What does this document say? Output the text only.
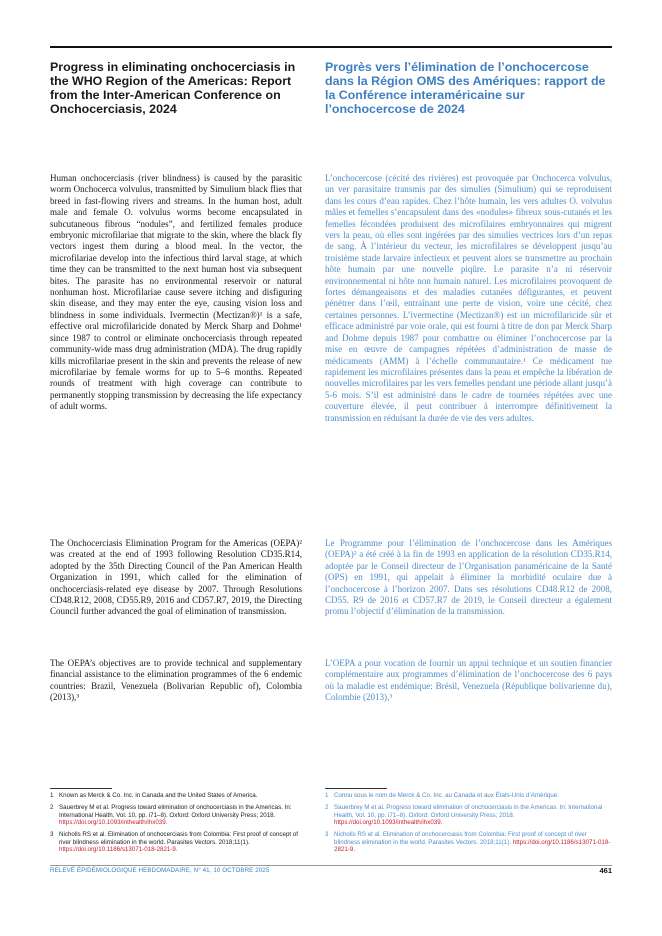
Progress in eliminating onchocerciasis in the WHO Region of the Americas: Report from the Inter-American Conference on Onchocerciasis, 2024

Human onchocerciasis (river blindness) is caused by the parasitic worm Onchocerca volvulus, transmitted by Simulium black flies that breed in fast-flowing rivers and streams. In the human host, adult male and female O. volvulus worms become encapsulated in subcutaneous fibrous “nodules”, and fertilized females produce embryonic microfilariae that migrate to the skin, where the black fly vectors ingest them during a blood meal. In the vector, the microfilariae develop into the infectious third larval stage, at which time they can be transmitted to the next human host via subsequent bites. The parasite has no environmental reservoir or natural nonhuman host. Microfilariae cause severe itching and disfiguring skin disease, and they may enter the eye, causing vision loss and blindness in some individuals. Ivermectin (Mectizan®)¹ is a safe, effective oral microfilaricide donated by Merck Sharp and Dohme¹ since 1987 to control or eliminate onchocerciasis through repeated community-wide mass drug administration (MDA). The drug rapidly kills microfilariae present in the skin and prevents the release of new microfilariae by female worms for up to 5–6 months. Repeated rounds of treatment with high coverage can contribute to permanently stopping transmission by decreasing the life expectancy of adult worms.

The Onchocerciasis Elimination Program for the Americas (OEPA)² was created at the end of 1993 following Resolution CD35.R14, adopted by the 35th Directing Council of the Pan American Health Organization in 1991, which called for the elimination of onchocerciasis-related eye disease by 2007. Through Resolutions CD48.R12, 2008, CD55.R9, 2016 and CD57.R7, 2019, the Directing Council further advanced the goal of elimination of transmission.

The OEPA’s objectives are to provide technical and supplementary financial assistance to the elimination programmes of the 6 endemic countries: Brazil, Venezuela (Bolivarian Republic of), Colombia (2013),³

Progrès vers l’élimination de l’onchocercose dans la Région OMS des Amériques: rapport de la Conférence interaméricaine sur l’onchocercose de 2024

L’onchocercose (cécité des rivières) est provoquée par Onchocerca volvulus, un ver parasitaire transmis par des simulies (Simulium) qui se reproduisent dans les cours d’eau rapides. Chez l’hôte humain, les vers adultes O. volvulus mâles et femelles s’encapsulent dans des «nodules» fibreux sous-cutanés et les femelles fécondées produisent des microfilaires embryonnaires qui migrent vers la peau, où elles sont ingérées par des simulies vectrices lors d’un repas de sang. À l’intérieur du vecteur, les microfilaires se développent jusqu’au troisième stade larvaire infectieux et peuvent alors se transmettre au prochain hôte humain par une nouvelle piqûre. Le parasite n’a ni réservoir environnemental ni hôte non humain naturel. Les microfilaires provoquent de fortes démangeaisons et des maladies cutanées défigurantes, et peuvent pénétrer dans l’œil, entraînant une perte de vision, voire une cécité, chez certaines personnes. L’ivermectine (Mectizan®) est un microfilaricide sûr et efficace administré par voie orale, qui est fourni à titre de don par Merck Sharp and Dohme depuis 1987 pour combattre ou éliminer l’onchocercose par la mise en œuvre de campagnes répétées d’administration de masse de médicaments (AMM) à l’échelle communautaire.¹ Ce médicament tue rapidement les microfilaires présentes dans la peau et empêche la libération de nouvelles microfilaires par les vers femelles pendant une période allant jusqu’à 5-6 mois. S’il est administré dans le cadre de tournées répétées avec une couverture élevée, il peut contribuer à interrompre définitivement la transmission en réduisant la durée de vie des vers adultes.

Le Programme pour l’élimination de l’onchocercose dans les Amériques (OEPA)² a été créé à la fin de 1993 en application de la résolution CD35.R14, adoptée par le Conseil directeur de l’Organisation panaméricaine de la Santé (OPS) en 1991, qui appelait à éliminer la morbidité oculaire due à l’onchocercose à l’horizon 2007. Dans ses résolutions CD48.R12 de 2008, CD55. R9 de 2016 et CD57.R7 de 2019, le Conseil directeur a également promu l’objectif d’élimination de la transmission.

L’OEPA a pour vocation de fournir un appui technique et un soutien financier complémentaire aux programmes d’élimination de l’onchocercose des 6 pays où la maladie est endémique: Brésil, Venezuela (République bolivarienne du), Colombie (2013),³

1 Known as Merck & Co. Inc. in Canada and the United States of America.
2 Sauerbrey M et al. Progress toward elimination of onchocerciasis in the Americas. In: International Health, Vol. 10, pp. i71–8). Oxford: Oxford University Press; 2018. https://doi.org/10.1093/inthealth/ihx039.
3 Nicholls RS et al. Elimination of onchocerciasis from Colombia: First proof of concept of river blindness elimination in the world. Parasites Vectors. 2018;11(1). https://doi.org/10.1186/s13071-018-2821-9.
1 Connu sous le nom de Merck & Co. Inc. au Canada et aux États-Unis d’Amérique.
2 Sauerbrey M et al. Progress toward elimination of onchocerciasis in the Americas. In: International Health, Vol. 10, pp. i71–8). Oxford: Oxford University Press; 2018. https://doi.org/10.1093/inthealth/ihx039.
3 Nicholls RS et al. Elimination of onchocerciasis from Colombia: First proof of concept of river blindness elimination in the world. Parasites Vectors. 2018;11(1). https://doi.org/10.1186/s13071-018-2821-9.
RELEVÉ ÉPIDÉMIOLOGIQUE HEBDOMADAIRE, N° 41, 10 OCTOBRE 2025	461
